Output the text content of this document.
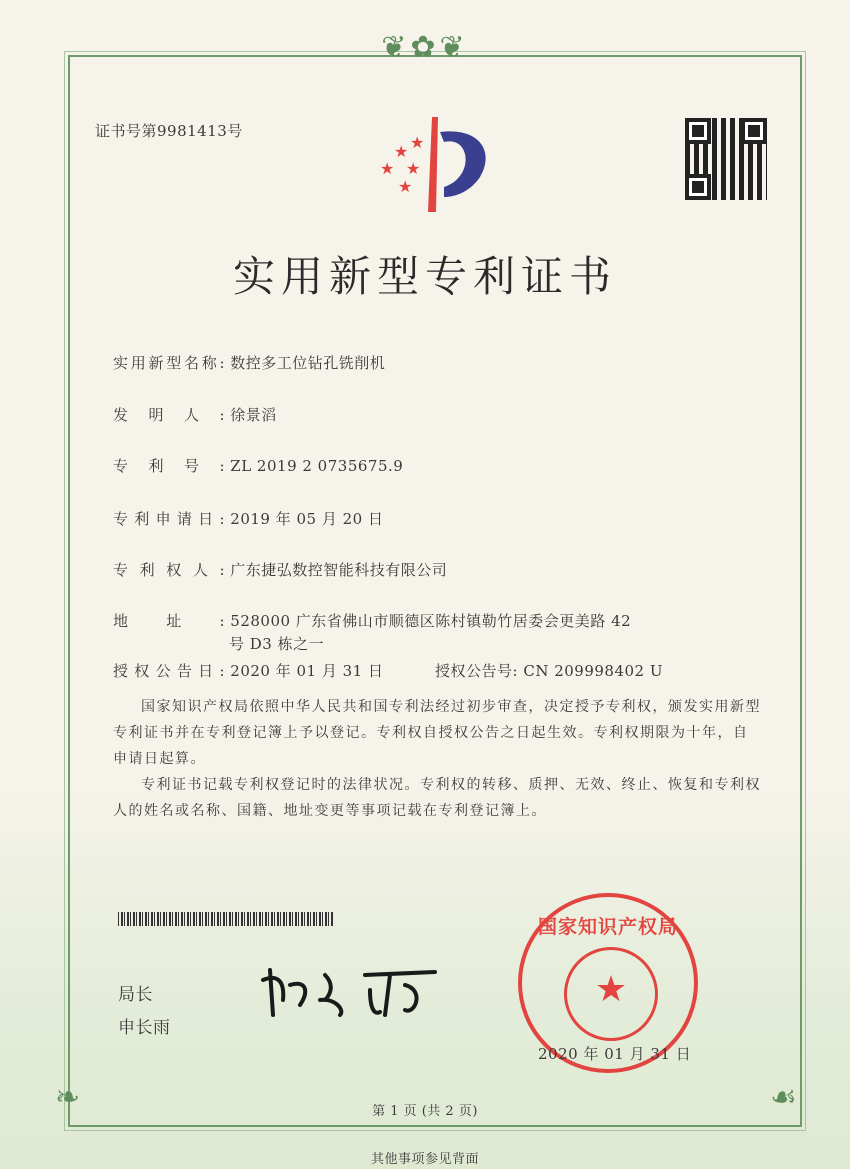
❦✿❦
❧	☙
证书号第9981413号
★
★
★
★
★
实用新型专利证书
实用新型名称: 数控多工位钻孔铣削机
发明人: 徐景滔
专利号: ZL 2019 2 0735675.9
专利申请日: 2019 年 05 月 20 日
专利权人: 广东捷弘数控智能科技有限公司
地址: 528000 广东省佛山市顺德区陈村镇勒竹居委会更美路 42
号 D3 栋之一
授权公告日: 2020 年 01 月 31 日	授权公告号: CN 209998402 U
国家知识产权局依照中华人民共和国专利法经过初步审查，决定授予专利权，颁发实用新型专利证书并在专利登记簿上予以登记。专利权自授权公告之日起生效。专利权期限为十年，自申请日起算。
专利证书记载专利权登记时的法律状况。专利权的转移、质押、无效、终止、恢复和专利权人的姓名或名称、国籍、地址变更等事项记载在专利登记簿上。
局长
申长雨
★
国家知识产权局
2020 年 01 月 31 日
第 1 页 (共 2 页)
其他事项参见背面
